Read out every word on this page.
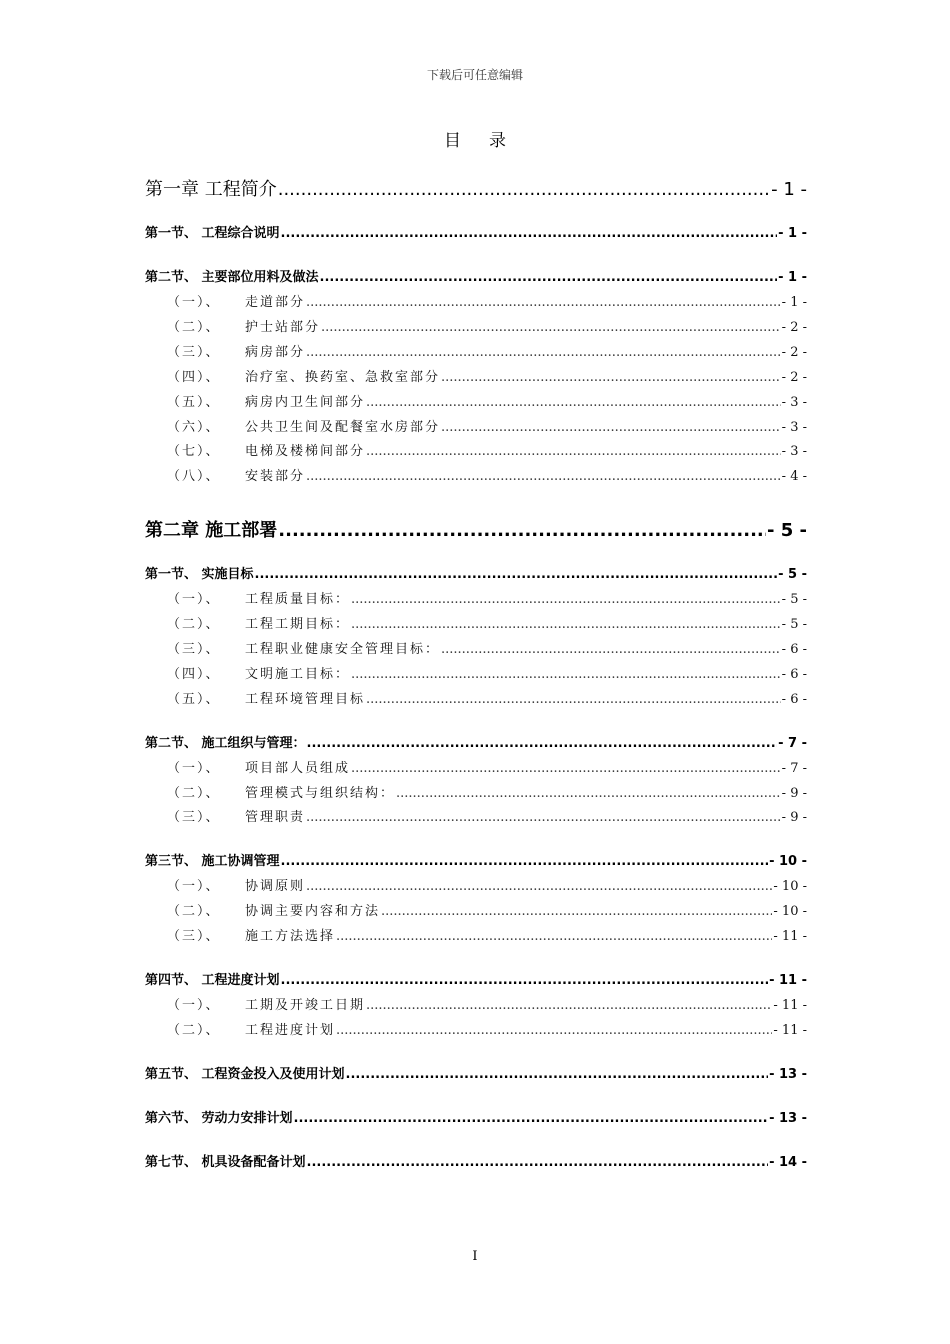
下载后可任意编辑
目录
第一章 工程简介 .....	- 1 -
第一节、 工程综合说明 .....	- 1 -
第二节、 主要部位用料及做法 .....	- 1 -
（一）、 走道部分 .....	- 1 -
（二）、 护士站部分 .....	- 2 -
（三）、 病房部分 .....	- 2 -
（四）、 治疗室、换药室、急救室部分 .....	- 2 -
（五）、 病房内卫生间部分 .....	- 3 -
（六）、 公共卫生间及配餐室水房部分 .....	- 3 -
（七）、 电梯及楼梯间部分 .....	- 3 -
（八）、 安装部分 .....	- 4 -
第二章 施工部署 .....	- 5 -
第一节、 实施目标 .....	- 5 -
（一）、 工程质量目标： .....	- 5 -
（二）、 工程工期目标： .....	- 5 -
（三）、 工程职业健康安全管理目标： .....	- 6 -
（四）、 文明施工目标： .....	- 6 -
（五）、 工程环境管理目标 .....	- 6 -
第二节、 施工组织与管理： .....	- 7 -
（一）、 项目部人员组成 .....	- 7 -
（二）、 管理模式与组织结构： .....	- 9 -
（三）、 管理职责 .....	- 9 -
第三节、 施工协调管理 .....	- 10 -
（一）、 协调原则 .....	- 10 -
（二）、 协调主要内容和方法 .....	- 10 -
（三）、 施工方法选择 .....	- 11 -
第四节、 工程进度计划 .....	- 11 -
（一）、 工期及开竣工日期 .....	- 11 -
（二）、 工程进度计划 .....	- 11 -
第五节、 工程资金投入及使用计划 .....	- 13 -
第六节、 劳动力安排计划 .....	- 13 -
第七节、 机具设备配备计划 .....	- 14 -
I
